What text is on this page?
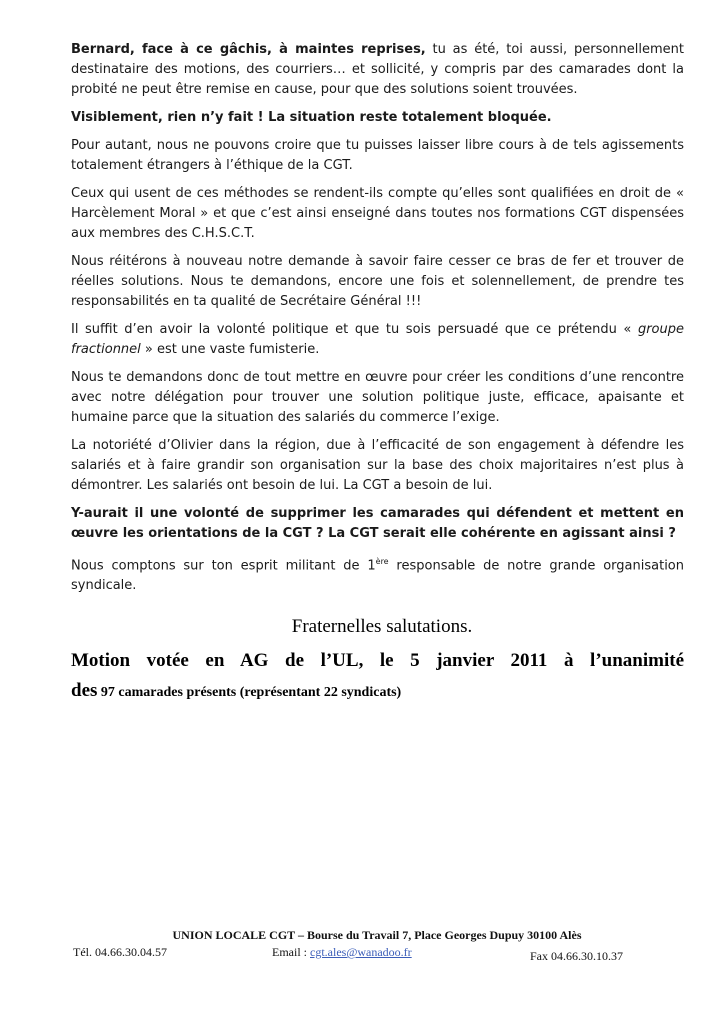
Bernard, face à ce gâchis, à maintes reprises, tu as été, toi aussi, personnellement destinataire des motions, des courriers… et sollicité, y compris par des camarades dont la probité ne peut être remise en cause, pour que des solutions soient trouvées.

Visiblement, rien n’y fait ! La situation reste totalement bloquée.

Pour autant, nous ne pouvons croire que tu puisses laisser libre cours à de tels agissements totalement étrangers à l’éthique de la CGT.

Ceux qui usent de ces méthodes se rendent-ils compte qu’elles sont qualifiées en droit de « Harcèlement Moral » et que c’est ainsi enseigné dans toutes nos formations CGT dispensées aux membres des C.H.S.C.T.

Nous réitérons à nouveau notre demande à savoir faire cesser ce bras de fer et trouver de réelles solutions. Nous te demandons, encore une fois et solennellement, de prendre tes responsabilités en ta qualité de Secrétaire Général !!!

Il suffit d’en avoir la volonté politique et que tu sois persuadé que ce prétendu « groupe fractionnel » est une vaste fumisterie.

Nous te demandons donc de tout mettre en œuvre pour créer les conditions d’une rencontre avec notre délégation pour trouver une solution politique juste, efficace, apaisante et humaine parce que la situation des salariés du commerce l’exige.

La notoriété d’Olivier dans la région, due à l’efficacité de son engagement à défendre les salariés et à faire grandir son organisation sur la base des choix majoritaires n’est plus à démontrer. Les salariés ont besoin de lui. La CGT a besoin de lui.

Y-aurait il une volonté de supprimer les camarades qui défendent et mettent en œuvre les orientations de la CGT ? La CGT serait elle cohérente en agissant ainsi ?

Nous comptons sur ton esprit militant de 1ère responsable de notre grande organisation syndicale.

Fraternelles salutations.
Motion votée en AG de l’UL, le 5 janvier 2011 à l’unanimité
des 97 camarades présents (représentant 22 syndicats)
UNION LOCALE CGT – Bourse du Travail 7, Place Georges Dupuy 30100 Alès
Tél. 04.66.30.04.57	Email : cgt.ales@wanadoo.fr	Fax 04.66.30.10.37
